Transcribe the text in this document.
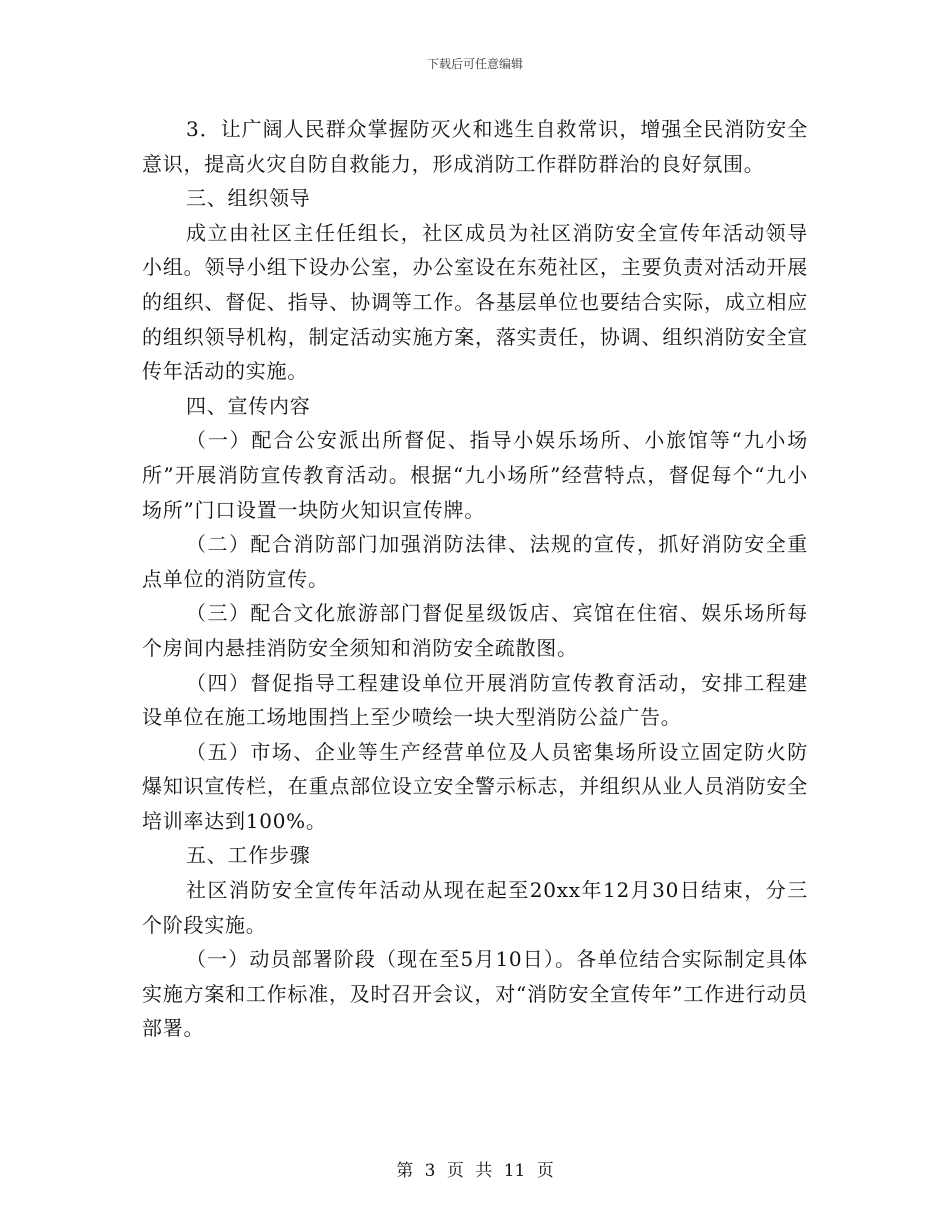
下载后可任意编辑

3．让广阔人民群众掌握防灭火和逃生自救常识，增强全民消防安全意识，提高火灾自防自救能力，形成消防工作群防群治的良好氛围。

三、组织领导

成立由社区主任任组长，社区成员为社区消防安全宣传年活动领导小组。领导小组下设办公室，办公室设在东苑社区，主要负责对活动开展的组织、督促、指导、协调等工作。各基层单位也要结合实际，成立相应的组织领导机构，制定活动实施方案，落实责任，协调、组织消防安全宣传年活动的实施。

四、宣传内容

（一）配合公安派出所督促、指导小娱乐场所、小旅馆等“九小场所”开展消防宣传教育活动。根据“九小场所”经营特点，督促每个“九小场所”门口设置一块防火知识宣传牌。

（二）配合消防部门加强消防法律、法规的宣传，抓好消防安全重点单位的消防宣传。

（三）配合文化旅游部门督促星级饭店、宾馆在住宿、娱乐场所每个房间内悬挂消防安全须知和消防安全疏散图。

（四）督促指导工程建设单位开展消防宣传教育活动，安排工程建设单位在施工场地围挡上至少喷绘一块大型消防公益广告。

（五）市场、企业等生产经营单位及人员密集场所设立固定防火防爆知识宣传栏，在重点部位设立安全警示标志，并组织从业人员消防安全培训率达到100%。

五、工作步骤

社区消防安全宣传年活动从现在起至20xx年12月30日结束，分三个阶段实施。

（一）动员部署阶段（现在至5月10日）。各单位结合实际制定具体实施方案和工作标准，及时召开会议，对“消防安全宣传年”工作进行动员部署。

第 3 页 共 11 页
